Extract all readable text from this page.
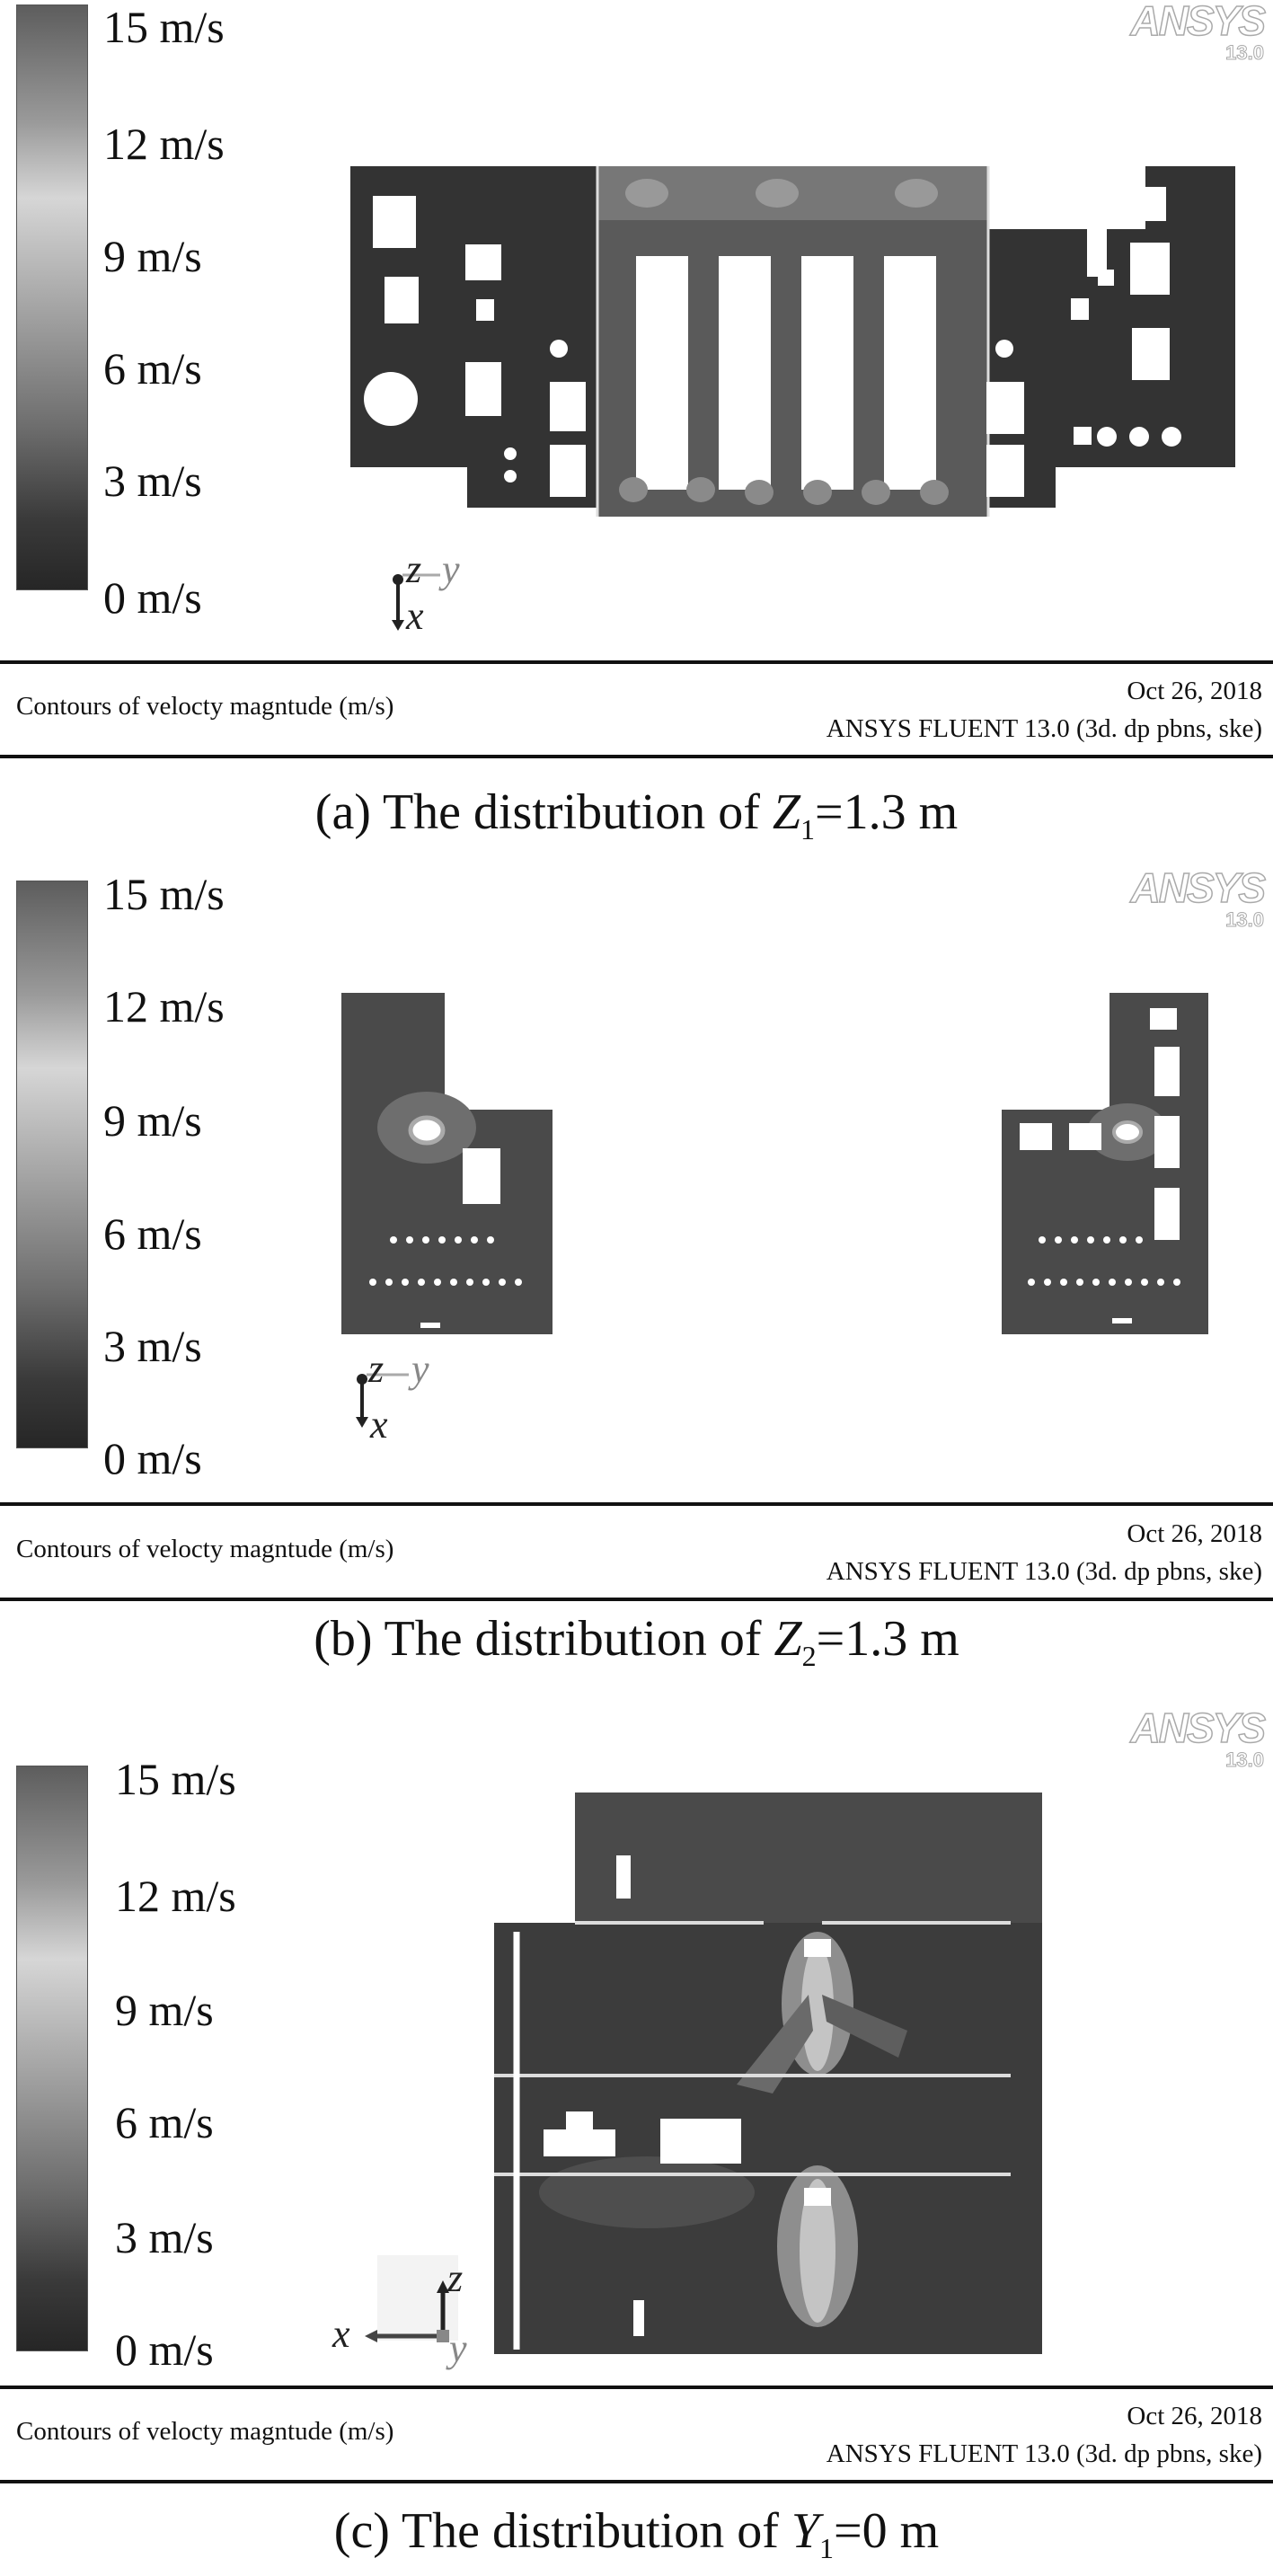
15 m/s
12 m/s
9 m/s
6 m/s
3 m/s
0 m/s
ANSYS
13.0
z y
x
Contours of velocty magntude (m/s)
Oct 26, 2018
ANSYS FLUENT 13.0 (3d. dp pbns, ske)
(a) The distribution of $Z_1=1.3$ m
15 m/s
12 m/s
9 m/s
6 m/s
3 m/s
0 m/s
ANSYS
13.0
z y
x
Contours of velocty magntude (m/s)
Oct 26, 2018
ANSYS FLUENT 13.0 (3d. dp pbns, ske)
(b) The distribution of $Z_2=1.3$ m
15 m/s
12 m/s
9 m/s
6 m/s
3 m/s
0 m/s
ANSYS
13.0
z
x	y
Contours of velocty magntude (m/s)
Oct 26, 2018
ANSYS FLUENT 13.0 (3d. dp pbns, ske)
(c) The distribution of $Y_1=0$ m
